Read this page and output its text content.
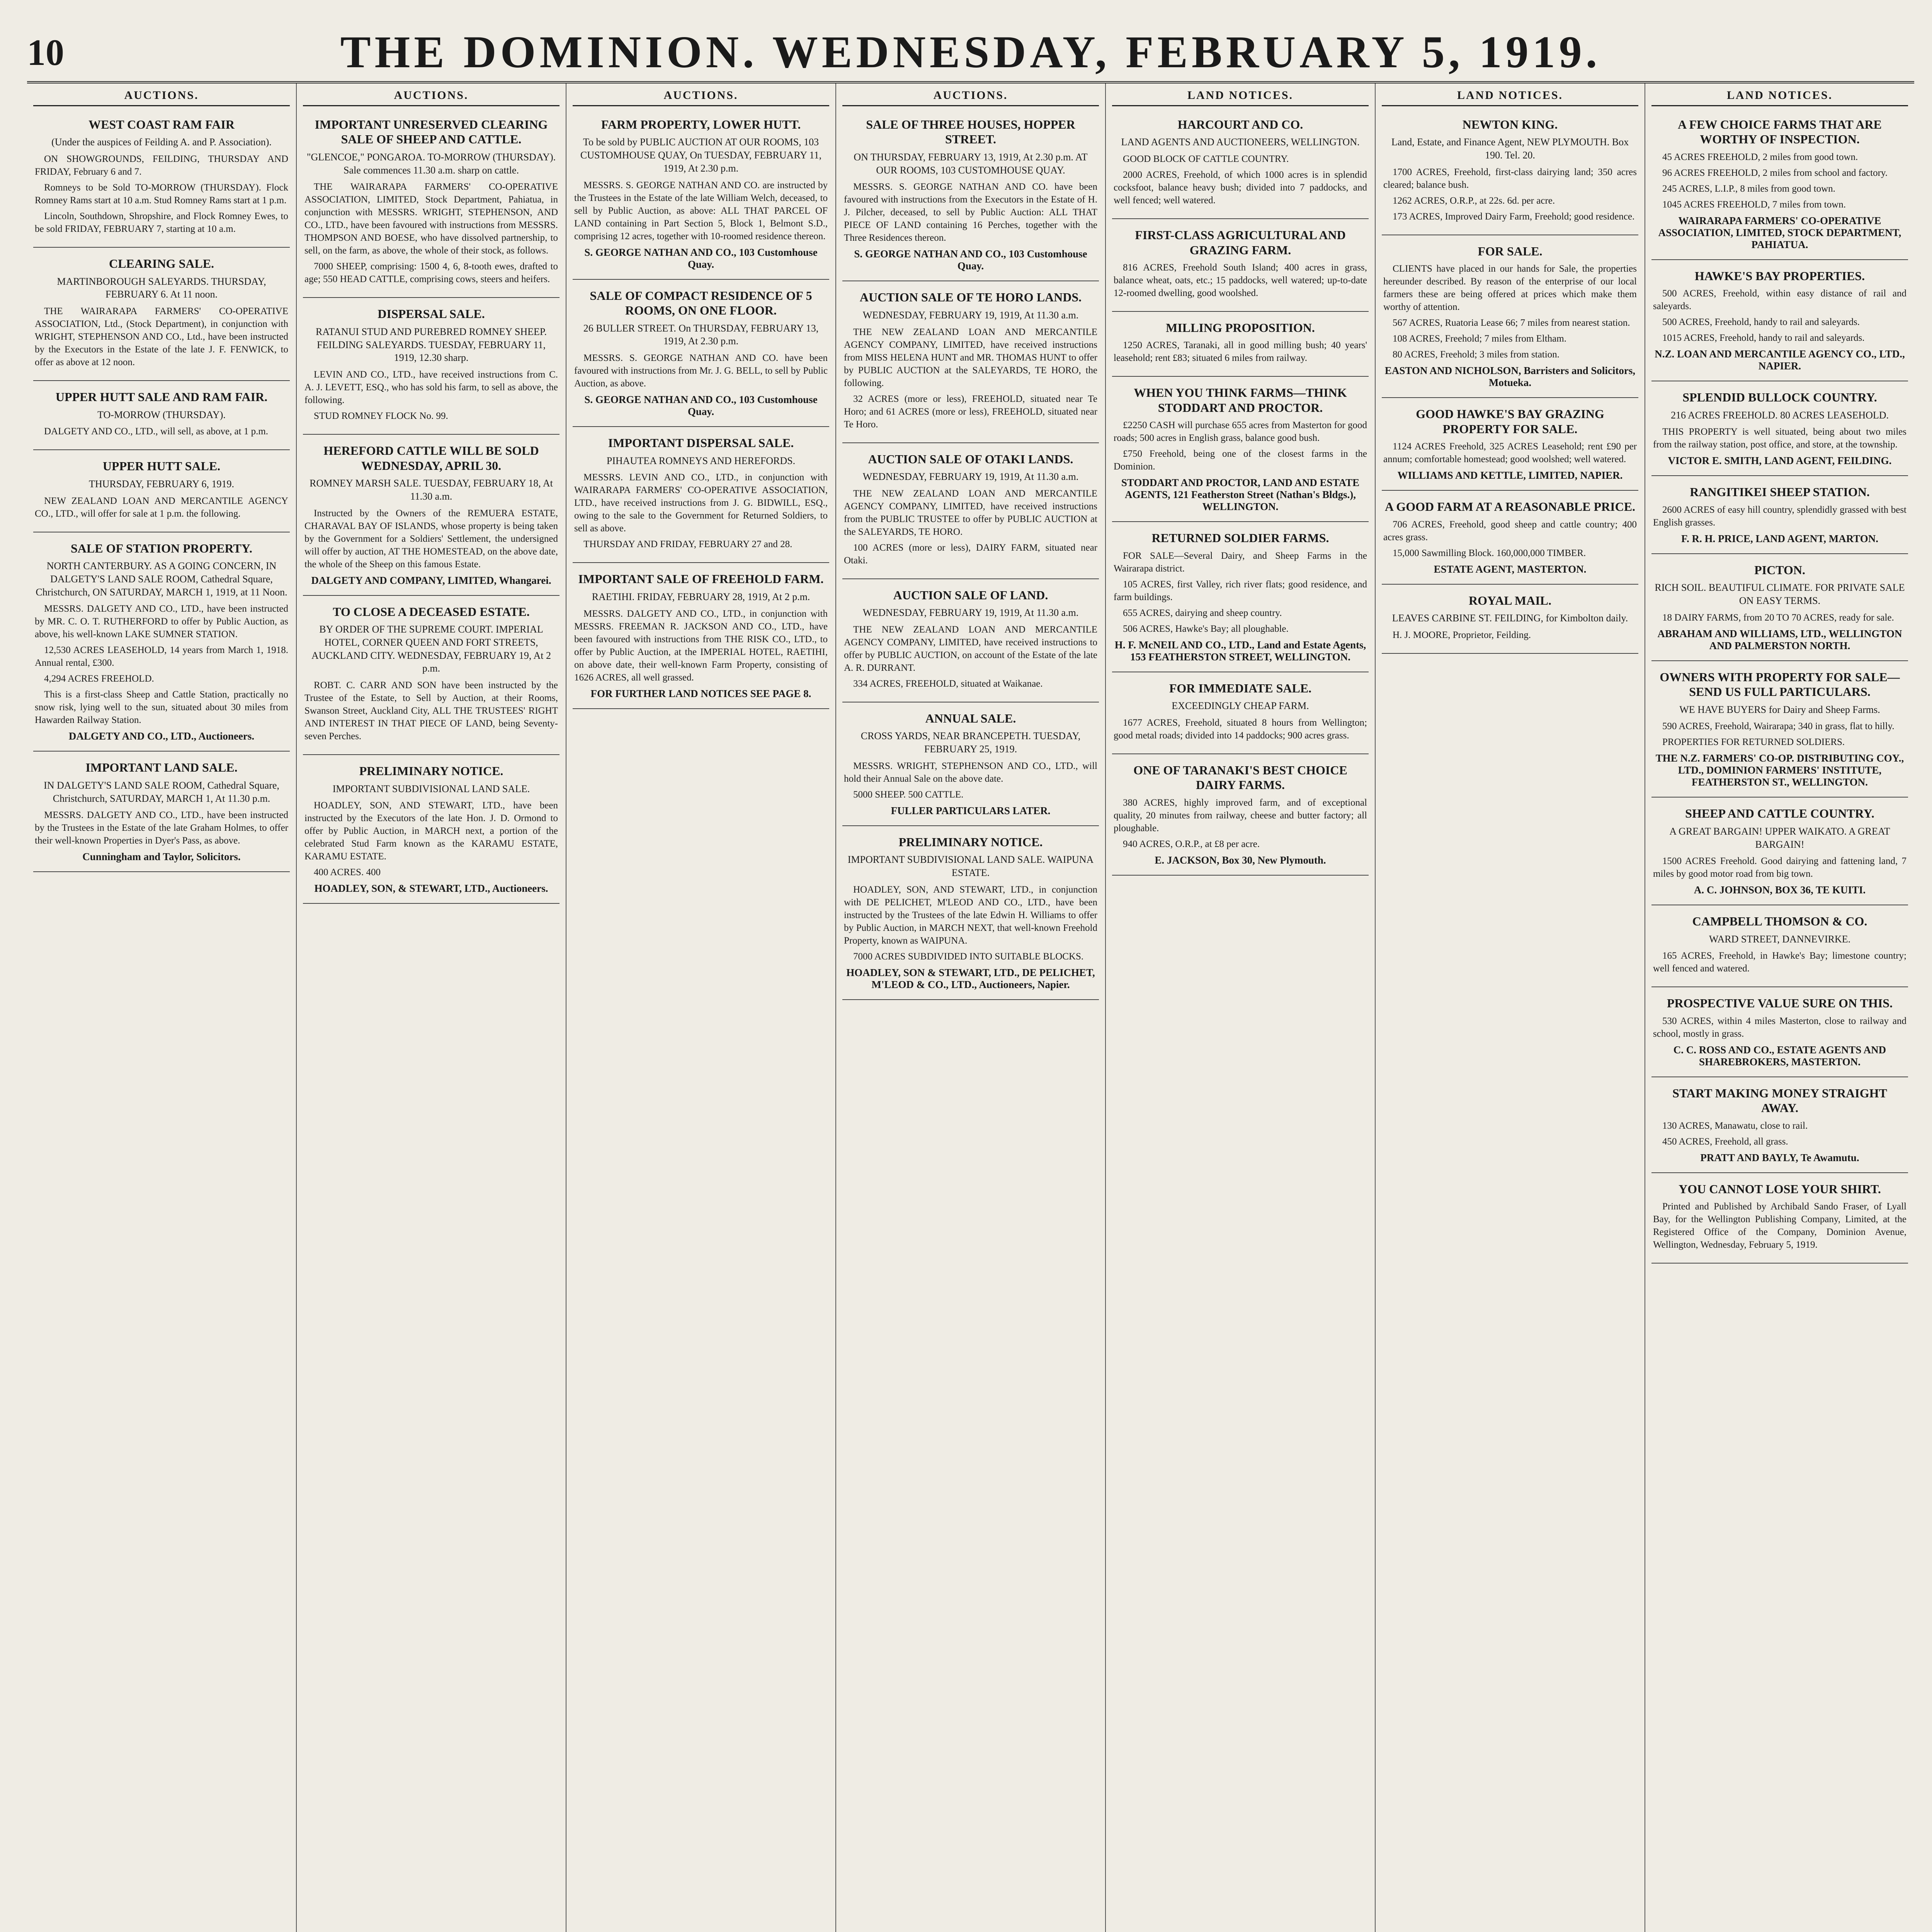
10	THE DOMINION. WEDNESDAY, FEBRUARY 5, 1919.
AUCTIONS.
WEST COAST RAM FAIR
(Under the auspices of Feilding A. and P. Association).

ON SHOWGROUNDS, FEILDING, THURSDAY AND FRIDAY, February 6 and 7.

Romneys to be Sold TO-MORROW (THURSDAY). Flock Romney Rams start at 10 a.m. Stud Romney Rams start at 1 p.m.

Lincoln, Southdown, Shropshire, and Flock Romney Ewes, to be sold FRIDAY, FEBRUARY 7, starting at 10 a.m.

CLEARING SALE.
MARTINBOROUGH SALEYARDS. THURSDAY, FEBRUARY 6. At 11 noon.

THE WAIRARAPA FARMERS' CO-OPERATIVE ASSOCIATION, Ltd., (Stock Department), in conjunction with WRIGHT, STEPHENSON AND CO., Ltd., have been instructed by the Executors in the Estate of the late J. F. FENWICK, to offer as above at 12 noon.

UPPER HUTT SALE AND RAM FAIR.
TO-MORROW (THURSDAY).

DALGETY AND CO., LTD., will sell, as above, at 1 p.m.

UPPER HUTT SALE.
THURSDAY, FEBRUARY 6, 1919.

NEW ZEALAND LOAN AND MERCANTILE AGENCY CO., LTD., will offer for sale at 1 p.m. the following.

SALE OF STATION PROPERTY.
NORTH CANTERBURY. AS A GOING CONCERN, IN DALGETY'S LAND SALE ROOM, Cathedral Square, Christchurch, ON SATURDAY, MARCH 1, 1919, at 11 Noon.

MESSRS. DALGETY AND CO., LTD., have been instructed by MR. C. O. T. RUTHERFORD to offer by Public Auction, as above, his well-known LAKE SUMNER STATION.

12,530 ACRES LEASEHOLD, 14 years from March 1, 1918. Annual rental, £300.

4,294 ACRES FREEHOLD.

This is a first-class Sheep and Cattle Station, practically no snow risk, lying well to the sun, situated about 30 miles from Hawarden Railway Station.

DALGETY AND CO., LTD., Auctioneers.
IMPORTANT LAND SALE.
IN DALGETY'S LAND SALE ROOM, Cathedral Square, Christchurch, SATURDAY, MARCH 1, At 11.30 p.m.

MESSRS. DALGETY AND CO., LTD., have been instructed by the Trustees in the Estate of the late Graham Holmes, to offer their well-known Properties in Dyer's Pass, as above.

Cunningham and Taylor, Solicitors.
AUCTIONS.
IMPORTANT UNRESERVED CLEARING SALE OF SHEEP AND CATTLE.
"GLENCOE," PONGAROA. TO-MORROW (THURSDAY). Sale commences 11.30 a.m. sharp on cattle.

THE WAIRARAPA FARMERS' CO-OPERATIVE ASSOCIATION, LIMITED, Stock Department, Pahiatua, in conjunction with MESSRS. WRIGHT, STEPHENSON, AND CO., LTD., have been favoured with instructions from MESSRS. THOMPSON AND BOESE, who have dissolved partnership, to sell, on the farm, as above, the whole of their stock, as follows.

7000 SHEEP, comprising: 1500 4, 6, 8-tooth ewes, drafted to age; 550 HEAD CATTLE, comprising cows, steers and heifers.

DISPERSAL SALE.
RATANUI STUD AND PUREBRED ROMNEY SHEEP. FEILDING SALEYARDS. TUESDAY, FEBRUARY 11, 1919, 12.30 sharp.

LEVIN AND CO., LTD., have received instructions from C. A. J. LEVETT, ESQ., who has sold his farm, to sell as above, the following.

STUD ROMNEY FLOCK No. 99.

HEREFORD CATTLE WILL BE SOLD WEDNESDAY, APRIL 30.
ROMNEY MARSH SALE. TUESDAY, FEBRUARY 18, At 11.30 a.m.

Instructed by the Owners of the REMUERA ESTATE, CHARAVAL BAY OF ISLANDS, whose property is being taken by the Government for a Soldiers' Settlement, the undersigned will offer by auction, AT THE HOMESTEAD, on the above date, the whole of the Sheep on this famous Estate.

DALGETY AND COMPANY, LIMITED, Whangarei.
TO CLOSE A DECEASED ESTATE.
BY ORDER OF THE SUPREME COURT. IMPERIAL HOTEL, CORNER QUEEN AND FORT STREETS, AUCKLAND CITY. WEDNESDAY, FEBRUARY 19, At 2 p.m.

ROBT. C. CARR AND SON have been instructed by the Trustee of the Estate, to Sell by Auction, at their Rooms, Swanson Street, Auckland City, ALL THE TRUSTEES' RIGHT AND INTEREST IN THAT PIECE OF LAND, being Seventy-seven Perches.

PRELIMINARY NOTICE.
IMPORTANT SUBDIVISIONAL LAND SALE.

HOADLEY, SON, AND STEWART, LTD., have been instructed by the Executors of the late Hon. J. D. Ormond to offer by Public Auction, in MARCH next, a portion of the celebrated Stud Farm known as the KARAMU ESTATE, KARAMU ESTATE.

400 ACRES. 400

HOADLEY, SON, & STEWART, LTD., Auctioneers.
AUCTIONS.
FARM PROPERTY, LOWER HUTT.
To be sold by PUBLIC AUCTION AT OUR ROOMS, 103 CUSTOMHOUSE QUAY, On TUESDAY, FEBRUARY 11, 1919, At 2.30 p.m.

MESSRS. S. GEORGE NATHAN AND CO. are instructed by the Trustees in the Estate of the late William Welch, deceased, to sell by Public Auction, as above: ALL THAT PARCEL OF LAND containing in Part Section 5, Block 1, Belmont S.D., comprising 12 acres, together with 10-roomed residence thereon.

S. GEORGE NATHAN AND CO., 103 Customhouse Quay.
SALE OF COMPACT RESIDENCE OF 5 ROOMS, ON ONE FLOOR.
26 BULLER STREET. On THURSDAY, FEBRUARY 13, 1919, At 2.30 p.m.

MESSRS. S. GEORGE NATHAN AND CO. have been favoured with instructions from Mr. J. G. BELL, to sell by Public Auction, as above.

S. GEORGE NATHAN AND CO., 103 Customhouse Quay.
IMPORTANT DISPERSAL SALE.
PIHAUTEA ROMNEYS AND HEREFORDS.

MESSRS. LEVIN AND CO., LTD., in conjunction with WAIRARAPA FARMERS' CO-OPERATIVE ASSOCIATION, LTD., have received instructions from J. G. BIDWILL, ESQ., owing to the sale to the Government for Returned Soldiers, to sell as above.

THURSDAY AND FRIDAY, FEBRUARY 27 and 28.

IMPORTANT SALE OF FREEHOLD FARM.
RAETIHI. FRIDAY, FEBRUARY 28, 1919, At 2 p.m.

MESSRS. DALGETY AND CO., LTD., in conjunction with MESSRS. FREEMAN R. JACKSON AND CO., LTD., have been favoured with instructions from THE RISK CO., LTD., to offer by Public Auction, at the IMPERIAL HOTEL, RAETIHI, on above date, their well-known Farm Property, consisting of 1626 ACRES, all well grassed.

FOR FURTHER LAND NOTICES SEE PAGE 8.
AUCTIONS.
SALE OF THREE HOUSES, HOPPER STREET.
ON THURSDAY, FEBRUARY 13, 1919, At 2.30 p.m. AT OUR ROOMS, 103 CUSTOMHOUSE QUAY.

MESSRS. S. GEORGE NATHAN AND CO. have been favoured with instructions from the Executors in the Estate of H. J. Pilcher, deceased, to sell by Public Auction: ALL THAT PIECE OF LAND containing 16 Perches, together with the Three Residences thereon.

S. GEORGE NATHAN AND CO., 103 Customhouse Quay.
AUCTION SALE OF TE HORO LANDS.
WEDNESDAY, FEBRUARY 19, 1919, At 11.30 a.m.

THE NEW ZEALAND LOAN AND MERCANTILE AGENCY COMPANY, LIMITED, have received instructions from MISS HELENA HUNT and MR. THOMAS HUNT to offer by PUBLIC AUCTION at the SALEYARDS, TE HORO, the following.

32 ACRES (more or less), FREEHOLD, situated near Te Horo; and 61 ACRES (more or less), FREEHOLD, situated near Te Horo.

AUCTION SALE OF OTAKI LANDS.
WEDNESDAY, FEBRUARY 19, 1919, At 11.30 a.m.

THE NEW ZEALAND LOAN AND MERCANTILE AGENCY COMPANY, LIMITED, have received instructions from the PUBLIC TRUSTEE to offer by PUBLIC AUCTION at the SALEYARDS, TE HORO.

100 ACRES (more or less), DAIRY FARM, situated near Otaki.

AUCTION SALE OF LAND.
WEDNESDAY, FEBRUARY 19, 1919, At 11.30 a.m.

THE NEW ZEALAND LOAN AND MERCANTILE AGENCY COMPANY, LIMITED, have received instructions to offer by PUBLIC AUCTION, on account of the Estate of the late A. R. DURRANT.

334 ACRES, FREEHOLD, situated at Waikanae.

ANNUAL SALE.
CROSS YARDS, NEAR BRANCEPETH. TUESDAY, FEBRUARY 25, 1919.

MESSRS. WRIGHT, STEPHENSON AND CO., LTD., will hold their Annual Sale on the above date.

5000 SHEEP. 500 CATTLE.

FULLER PARTICULARS LATER.
PRELIMINARY NOTICE.
IMPORTANT SUBDIVISIONAL LAND SALE. WAIPUNA ESTATE.

HOADLEY, SON, AND STEWART, LTD., in conjunction with DE PELICHET, M'LEOD AND CO., LTD., have been instructed by the Trustees of the late Edwin H. Williams to offer by Public Auction, in MARCH NEXT, that well-known Freehold Property, known as WAIPUNA.

7000 ACRES SUBDIVIDED INTO SUITABLE BLOCKS.

HOADLEY, SON & STEWART, LTD., DE PELICHET, M'LEOD & CO., LTD., Auctioneers, Napier.
LAND NOTICES.
HARCOURT AND CO.
LAND AGENTS AND AUCTIONEERS, WELLINGTON.

GOOD BLOCK OF CATTLE COUNTRY.

2000 ACRES, Freehold, of which 1000 acres is in splendid cocksfoot, balance heavy bush; divided into 7 paddocks, and well fenced; well watered.

FIRST-CLASS AGRICULTURAL AND GRAZING FARM.

816 ACRES, Freehold South Island; 400 acres in grass, balance wheat, oats, etc.; 15 paddocks, well watered; up-to-date 12-roomed dwelling, good woolshed.

MILLING PROPOSITION.

1250 ACRES, Taranaki, all in good milling bush; 40 years' leasehold; rent £83; situated 6 miles from railway.

WHEN YOU THINK FARMS—THINK STODDART AND PROCTOR.

£2250 CASH will purchase 655 acres from Masterton for good roads; 500 acres in English grass, balance good bush.

£750 Freehold, being one of the closest farms in the Dominion.

STODDART AND PROCTOR, LAND AND ESTATE AGENTS, 121 Featherston Street (Nathan's Bldgs.), WELLINGTON.
RETURNED SOLDIER FARMS.

FOR SALE—Several Dairy, and Sheep Farms in the Wairarapa district.

105 ACRES, first Valley, rich river flats; good residence, and farm buildings.

655 ACRES, dairying and sheep country.

506 ACRES, Hawke's Bay; all ploughable.

H. F. McNEIL AND CO., LTD., Land and Estate Agents, 153 FEATHERSTON STREET, WELLINGTON.
FOR IMMEDIATE SALE.
EXCEEDINGLY CHEAP FARM.

1677 ACRES, Freehold, situated 8 hours from Wellington; good metal roads; divided into 14 paddocks; 900 acres grass.

ONE OF TARANAKI'S BEST CHOICE DAIRY FARMS.

380 ACRES, highly improved farm, and of exceptional quality, 20 minutes from railway, cheese and butter factory; all ploughable.

940 ACRES, O.R.P., at £8 per acre.

E. JACKSON, Box 30, New Plymouth.
LAND NOTICES.
NEWTON KING.
Land, Estate, and Finance Agent, NEW PLYMOUTH. Box 190. Tel. 20.

1700 ACRES, Freehold, first-class dairying land; 350 acres cleared; balance bush.

1262 ACRES, O.R.P., at 22s. 6d. per acre.

173 ACRES, Improved Dairy Farm, Freehold; good residence.

FOR SALE.

CLIENTS have placed in our hands for Sale, the properties hereunder described. By reason of the enterprise of our local farmers these are being offered at prices which make them worthy of attention.

567 ACRES, Ruatoria Lease 66; 7 miles from nearest station.

108 ACRES, Freehold; 7 miles from Eltham.

80 ACRES, Freehold; 3 miles from station.

EASTON AND NICHOLSON, Barristers and Solicitors, Motueka.
GOOD HAWKE'S BAY GRAZING PROPERTY FOR SALE.

1124 ACRES Freehold, 325 ACRES Leasehold; rent £90 per annum; comfortable homestead; good woolshed; well watered.

WILLIAMS AND KETTLE, LIMITED, NAPIER.
A GOOD FARM AT A REASONABLE PRICE.

706 ACRES, Freehold, good sheep and cattle country; 400 acres grass.

15,000 Sawmilling Block. 160,000,000 TIMBER.

ESTATE AGENT, MASTERTON.
ROYAL MAIL.
LEAVES CARBINE ST. FEILDING, for Kimbolton daily.

H. J. MOORE, Proprietor, Feilding.

LAND NOTICES.
A FEW CHOICE FARMS THAT ARE WORTHY OF INSPECTION.

45 ACRES FREEHOLD, 2 miles from good town.

96 ACRES FREEHOLD, 2 miles from school and factory.

245 ACRES, L.I.P., 8 miles from good town.

1045 ACRES FREEHOLD, 7 miles from town.

WAIRARAPA FARMERS' CO-OPERATIVE ASSOCIATION, LIMITED, STOCK DEPARTMENT, PAHIATUA.
HAWKE'S BAY PROPERTIES.

500 ACRES, Freehold, within easy distance of rail and saleyards.

500 ACRES, Freehold, handy to rail and saleyards.

1015 ACRES, Freehold, handy to rail and saleyards.

N.Z. LOAN AND MERCANTILE AGENCY CO., LTD., NAPIER.
SPLENDID BULLOCK COUNTRY.
216 ACRES FREEHOLD. 80 ACRES LEASEHOLD.

THIS PROPERTY is well situated, being about two miles from the railway station, post office, and store, at the township.

VICTOR E. SMITH, LAND AGENT, FEILDING.
RANGITIKEI SHEEP STATION.

2600 ACRES of easy hill country, splendidly grassed with best English grasses.

F. R. H. PRICE, LAND AGENT, MARTON.
PICTON.
RICH SOIL. BEAUTIFUL CLIMATE. FOR PRIVATE SALE ON EASY TERMS.

18 DAIRY FARMS, from 20 TO 70 ACRES, ready for sale.

ABRAHAM AND WILLIAMS, LTD., WELLINGTON AND PALMERSTON NORTH.
OWNERS WITH PROPERTY FOR SALE—SEND US FULL PARTICULARS.
WE HAVE BUYERS for Dairy and Sheep Farms.

590 ACRES, Freehold, Wairarapa; 340 in grass, flat to hilly.

PROPERTIES FOR RETURNED SOLDIERS.

THE N.Z. FARMERS' CO-OP. DISTRIBUTING COY., LTD., DOMINION FARMERS' INSTITUTE, FEATHERSTON ST., WELLINGTON.
SHEEP AND CATTLE COUNTRY.
A GREAT BARGAIN! UPPER WAIKATO. A GREAT BARGAIN!

1500 ACRES Freehold. Good dairying and fattening land, 7 miles by good motor road from big town.

A. C. JOHNSON, BOX 36, TE KUITI.
CAMPBELL THOMSON & CO.
WARD STREET, DANNEVIRKE.

165 ACRES, Freehold, in Hawke's Bay; limestone country; well fenced and watered.

PROSPECTIVE VALUE SURE ON THIS.

530 ACRES, within 4 miles Masterton, close to railway and school, mostly in grass.

C. C. ROSS AND CO., ESTATE AGENTS AND SHAREBROKERS, MASTERTON.
START MAKING MONEY STRAIGHT AWAY.

130 ACRES, Manawatu, close to rail.

450 ACRES, Freehold, all grass.

PRATT AND BAYLY, Te Awamutu.
YOU CANNOT LOSE YOUR SHIRT.

Printed and Published by Archibald Sando Fraser, of Lyall Bay, for the Wellington Publishing Company, Limited, at the Registered Office of the Company, Dominion Avenue, Wellington, Wednesday, February 5, 1919.
